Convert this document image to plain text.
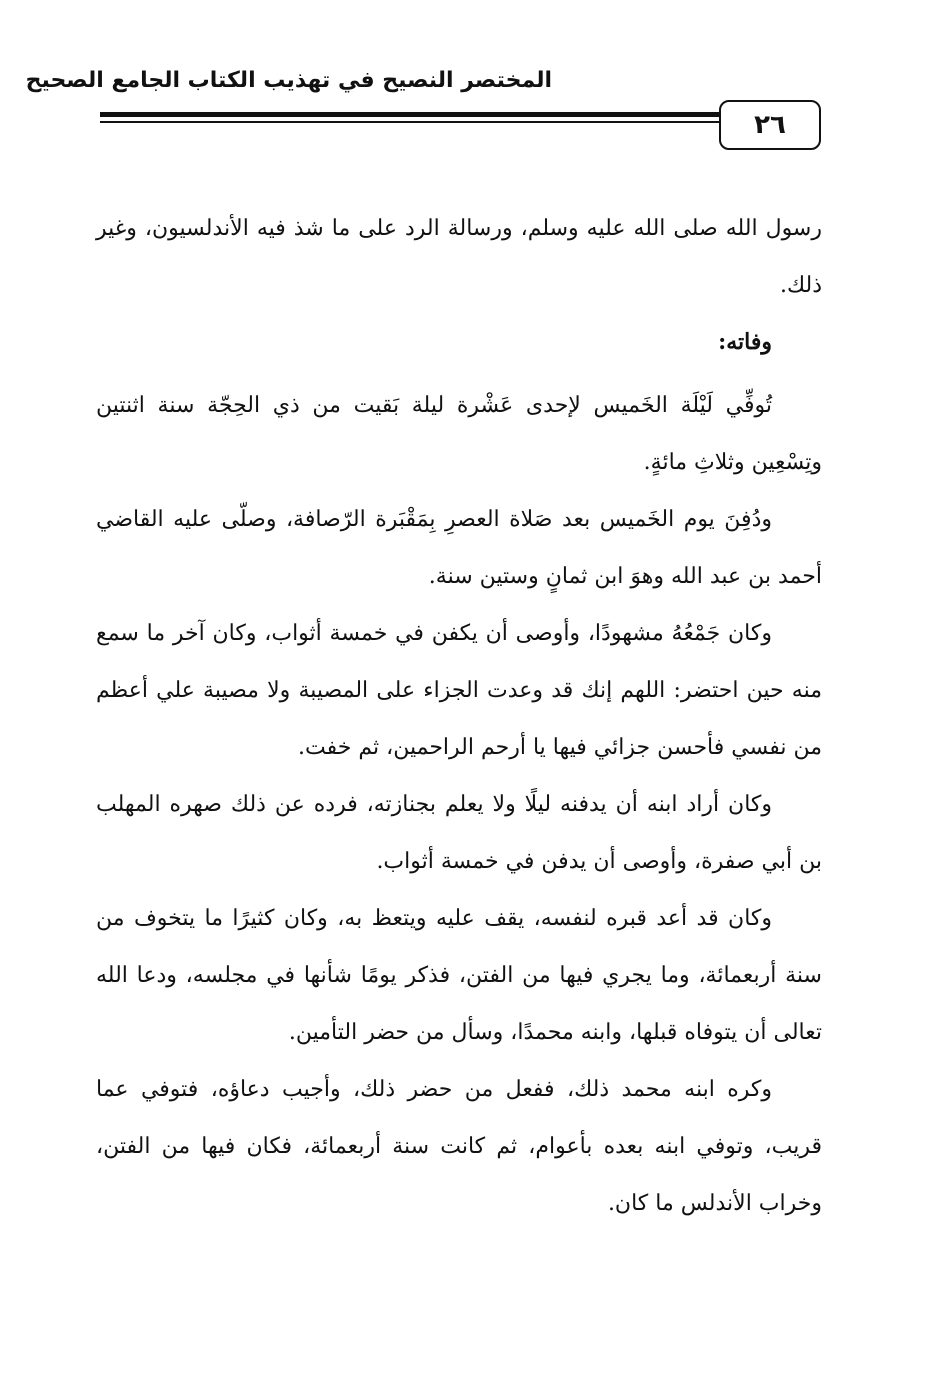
المختصر النصيح في تهذيب الكتاب الجامع الصحيح
٢٦

رسول الله صلى الله عليه وسلم، ورسالة الرد على ما شذ فيه الأندلسيون، وغير ذلك.

وفاته:

تُوفِّي لَيْلَة الخَميس لإحدى عَشْرة ليلة بَقيت من ذي الحِجّة سنة اثنتين وتِسْعِين وثلاثِ مائةٍ.

ودُفِنَ يوم الخَميس بعد صَلاة العصرِ بِمَقْبَرة الرّصافة، وصلّى عليه القاضي أحمد بن عبد الله وهوَ ابن ثمانٍ وستين سنة.

وكان جَمْعُهُ مشهودًا، وأوصى أن يكفن في خمسة أثواب، وكان آخر ما سمع منه حين احتضر: اللهم إنك قد وعدت الجزاء على المصيبة ولا مصيبة علي أعظم من نفسي فأحسن جزائي فيها يا أرحم الراحمين، ثم خفت.

وكان أراد ابنه أن يدفنه ليلًا ولا يعلم بجنازته، فرده عن ذلك صهره المهلب بن أبي صفرة، وأوصى أن يدفن في خمسة أثواب.

وكان قد أعد قبره لنفسه، يقف عليه ويتعظ به، وكان كثيرًا ما يتخوف من سنة أربعمائة، وما يجري فيها من الفتن، فذكر يومًا شأنها في مجلسه، ودعا الله تعالى أن يتوفاه قبلها، وابنه محمدًا، وسأل من حضر التأمين.

وكره ابنه محمد ذلك، ففعل من حضر ذلك، وأجيب دعاؤه، فتوفي عما قريب، وتوفي ابنه بعده بأعوام، ثم كانت سنة أربعمائة، فكان فيها من الفتن، وخراب الأندلس ما كان.
